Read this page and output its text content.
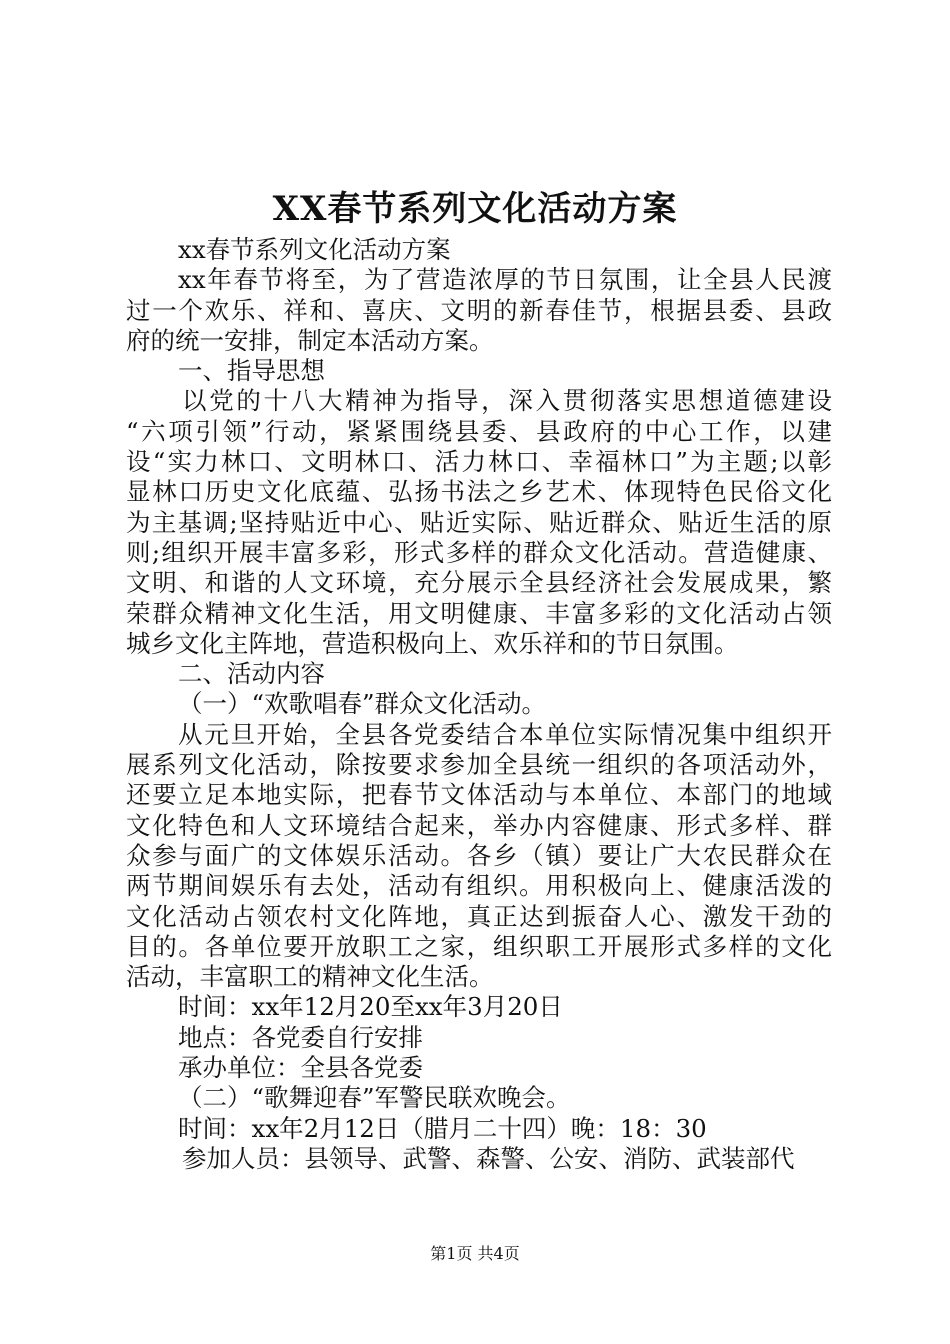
XX春节系列文化活动方案
xx春节系列文化活动方案
xx年春节将至，为了营造浓厚的节日氛围，让全县人民渡
过一个欢乐、祥和、喜庆、文明的新春佳节，根据县委、县政
府的统一安排，制定本活动方案。
一、指导思想
以党的十八大精神为指导，深入贯彻落实思想道德建设
“六项引领”行动，紧紧围绕县委、县政府的中心工作，以建
设“实力林口、文明林口、活力林口、幸福林口”为主题;以彰
显林口历史文化底蕴、弘扬书法之乡艺术、体现特色民俗文化
为主基调;坚持贴近中心、贴近实际、贴近群众、贴近生活的原
则;组织开展丰富多彩，形式多样的群众文化活动。营造健康、
文明、和谐的人文环境，充分展示全县经济社会发展成果，繁
荣群众精神文化生活，用文明健康、丰富多彩的文化活动占领
城乡文化主阵地，营造积极向上、欢乐祥和的节日氛围。
二、活动内容
（一）“欢歌唱春”群众文化活动。
从元旦开始，全县各党委结合本单位实际情况集中组织开
展系列文化活动，除按要求参加全县统一组织的各项活动外，
还要立足本地实际，把春节文体活动与本单位、本部门的地域
文化特色和人文环境结合起来，举办内容健康、形式多样、群
众参与面广的文体娱乐活动。各乡（镇）要让广大农民群众在
两节期间娱乐有去处，活动有组织。用积极向上、健康活泼的
文化活动占领农村文化阵地，真正达到振奋人心、激发干劲的
目的。各单位要开放职工之家，组织职工开展形式多样的文化
活动，丰富职工的精神文化生活。
时间：xx年12月20至xx年3月20日
地点：各党委自行安排
承办单位：全县各党委
（二）“歌舞迎春”军警民联欢晚会。
时间：xx年2月12日（腊月二十四）晚：18：30
参加人员：县领导、武警、森警、公安、消防、武装部代
第1页 共4页
